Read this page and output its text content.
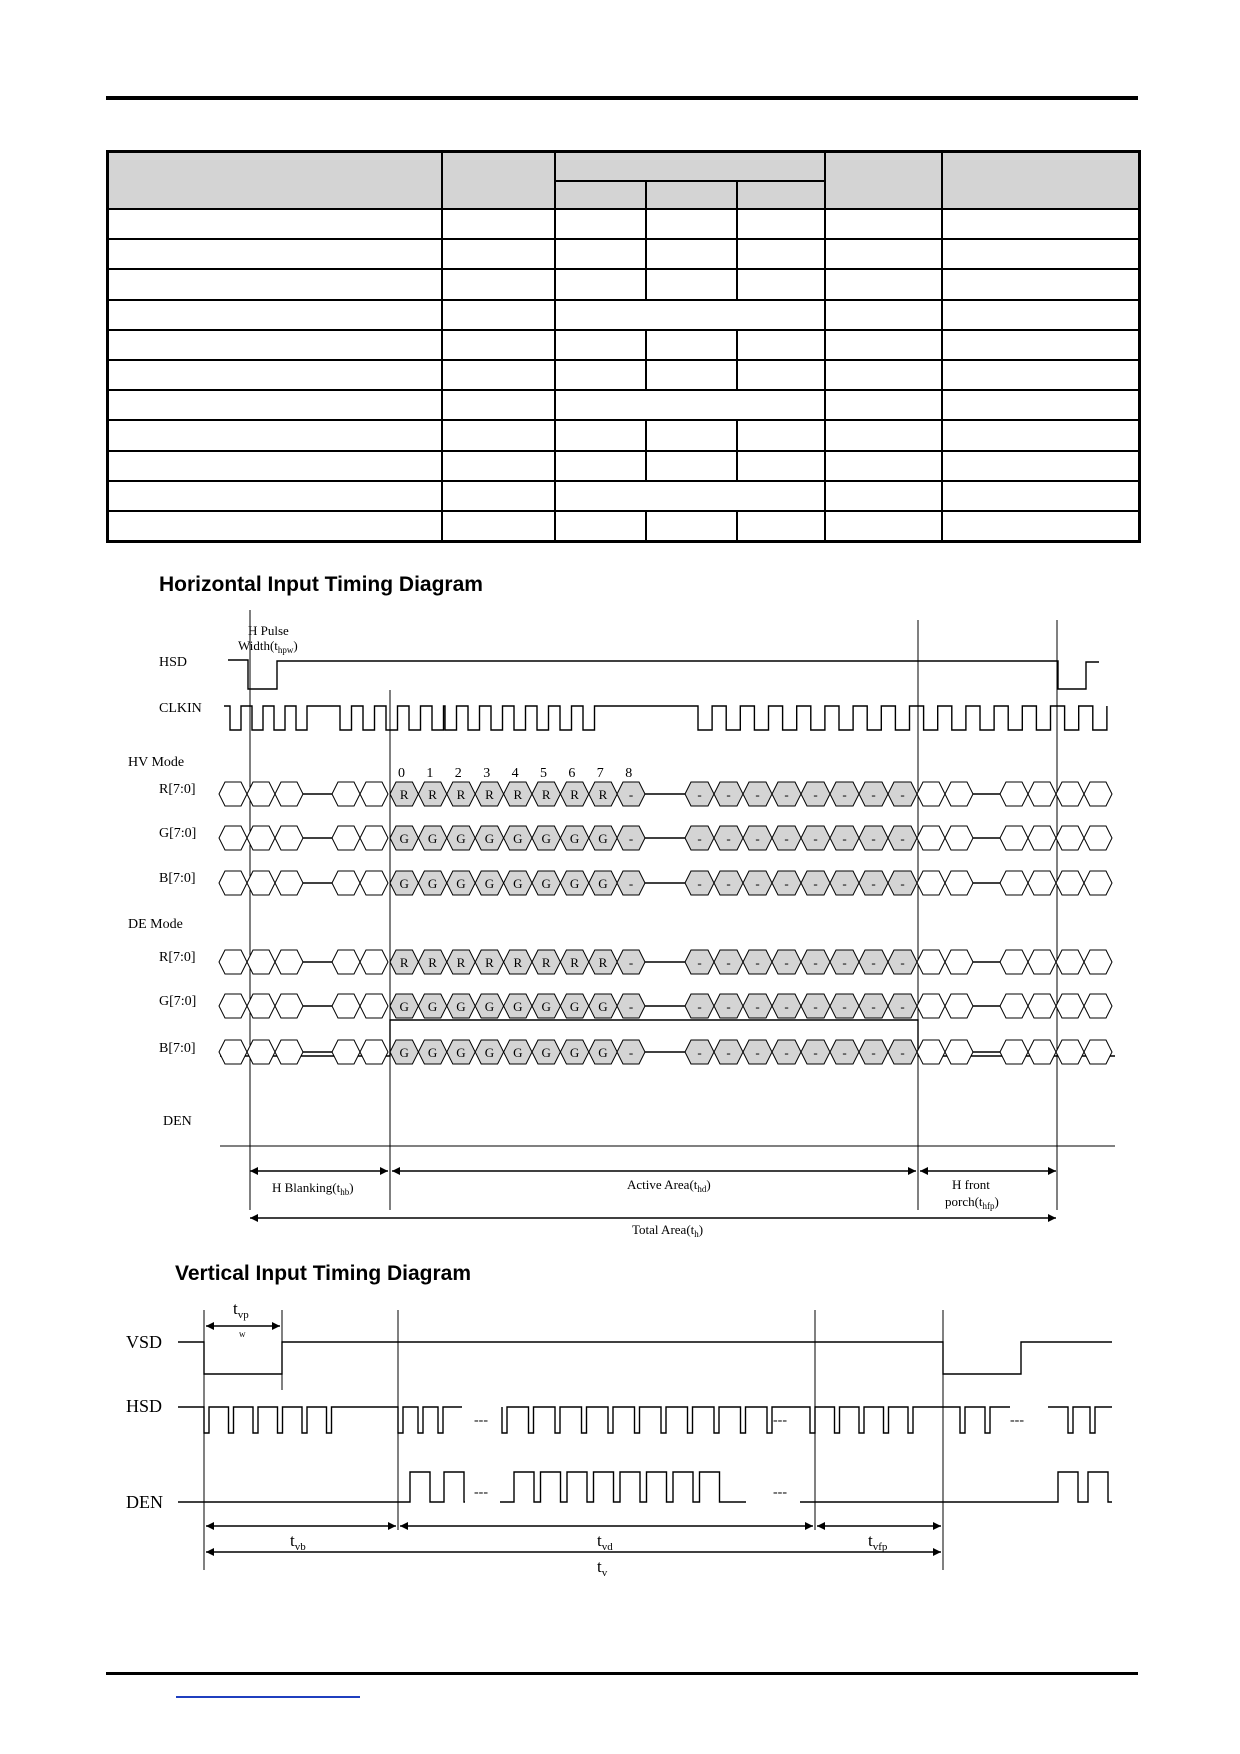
Horizontal Input Timing Diagram
R R R R R R R R -	- - - - - - - -
G G G G G G G G -	- - - - - - - -
G G G G G G G G -	- - - - - - - -
R R R R R R R R -	- - - - - - - -
G G G G G G G G -	- - - - - - - -
G G G G G G G G -	- - - - - - - -
HSD
CLKIN
HV Mode
DE Mode
R[7:0]
G[7:0]
B[7:0]
R[7:0]
G[7:0]
B[7:0]
DEN
0 1 2 3 4 5 6 7 8
H Pulse
$Width(t_{hpw})$
H $Blanking(t_{hb})$	Active $Area(t_{hd})$	H front
$porch(t_{hfp})$
Total $Area(t_h)$
Vertical Input Timing Diagram
VSD
HSD
DEN
---	---	---
---	---
$t_{vp}$
w
$t_{vb}$	$t_{vd}$	$t_{vfp}$
$t_v$
